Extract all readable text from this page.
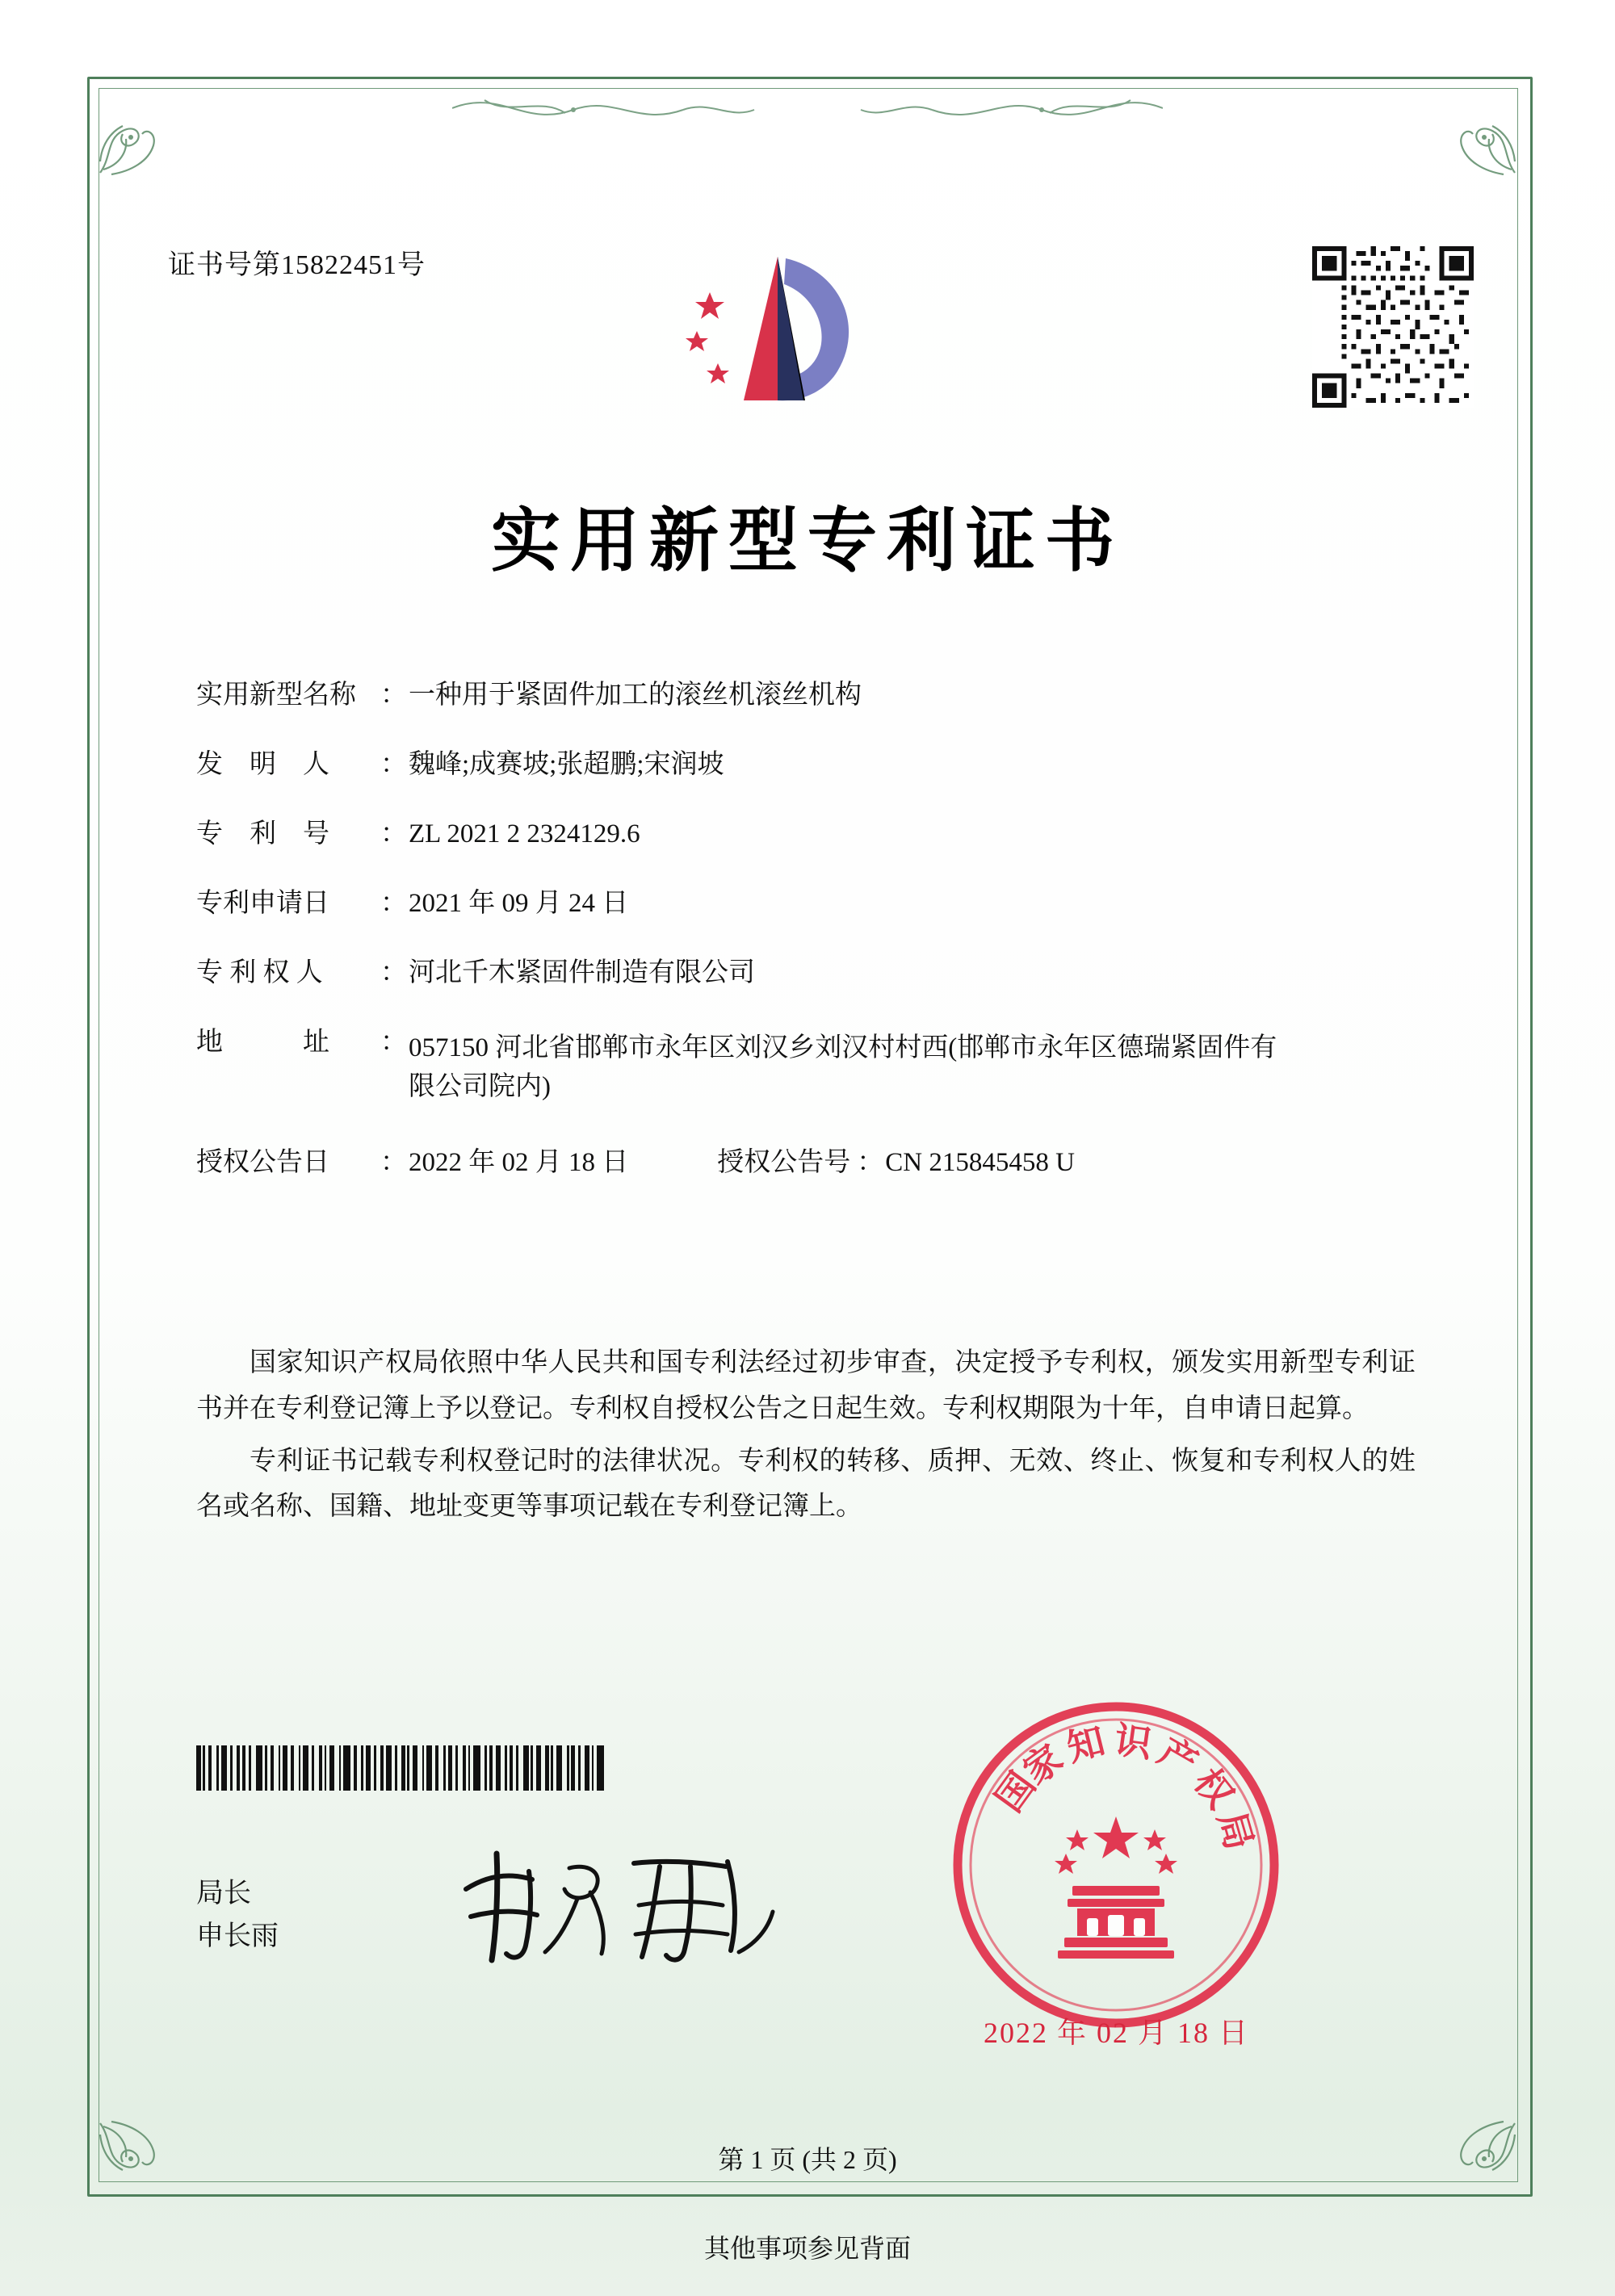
证书号第15822451号
实用新型专利证书
实用新型名称 ： 一种用于紧固件加工的滚丝机滚丝机构
发　明　人 ： 魏峰;成赛坡;张超鹏;宋润坡
专　利　号 ： ZL 2021 2 2324129.6
专利申请日 ： 2021 年 09 月 24 日
专 利 权 人 ： 河北千木紧固件制造有限公司
地　　　址 ： 057150 河北省邯郸市永年区刘汉乡刘汉村村西(邯郸市永年区德瑞紧固件有限公司院内)
授权公告日 ： 2022 年 02 月 18 日	授权公告号 ： CN 215845458 U

国家知识产权局依照中华人民共和国专利法经过初步审查，决定授予专利权，颁发实用新型专利证书并在专利登记簿上予以登记。专利权自授权公告之日起生效。专利权期限为十年，自申请日起算。

专利证书记载专利权登记时的法律状况。专利权的转移、质押、无效、终止、恢复和专利权人的姓名或名称、国籍、地址变更等事项记载在专利登记簿上。

局长
申长雨
国
家
知 识
产
权
局
2022 年 02 月 18 日
第 1 页 (共 2 页)
其他事项参见背面
